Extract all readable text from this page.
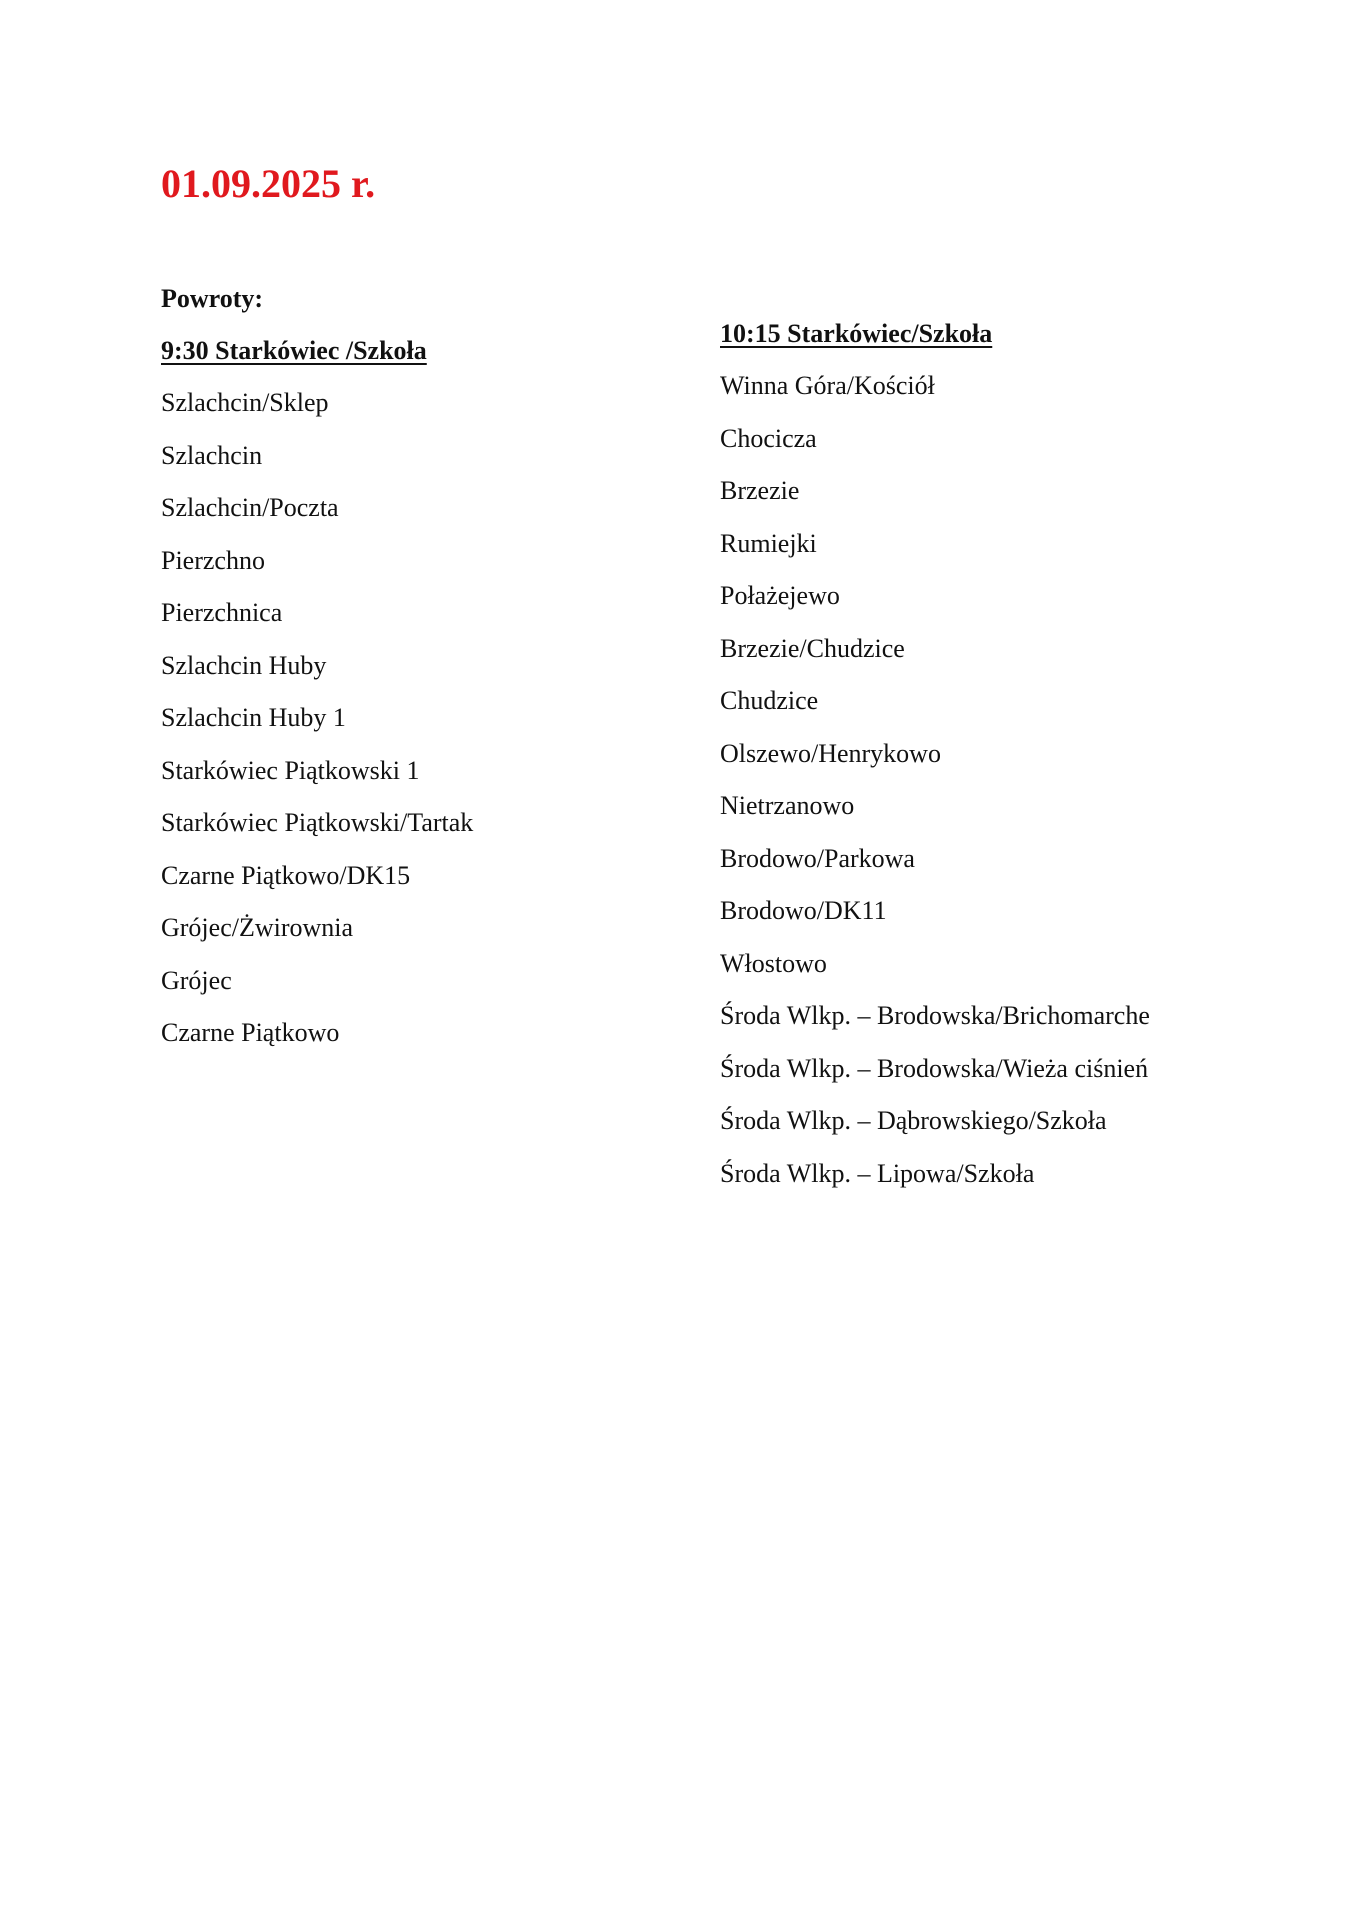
01.09.2025 r.
Powroty:
9:30 Starkówiec /Szkoła
Szlachcin/Sklep
Szlachcin
Szlachcin/Poczta
Pierzchno
Pierzchnica
Szlachcin Huby
Szlachcin Huby 1
Starkówiec Piątkowski 1
Starkówiec Piątkowski/Tartak
Czarne Piątkowo/DK15
Grójec/Żwirownia
Grójec
Czarne Piątkowo
10:15 Starkówiec/Szkoła
Winna Góra/Kościół
Chocicza
Brzezie
Rumiejki
Połażejewo
Brzezie/Chudzice
Chudzice
Olszewo/Henrykowo
Nietrzanowo
Brodowo/Parkowa
Brodowo/DK11
Włostowo
Środa Wlkp. – Brodowska/Brichomarche
Środa Wlkp. – Brodowska/Wieża ciśnień
Środa Wlkp. – Dąbrowskiego/Szkoła
Środa Wlkp. – Lipowa/Szkoła
